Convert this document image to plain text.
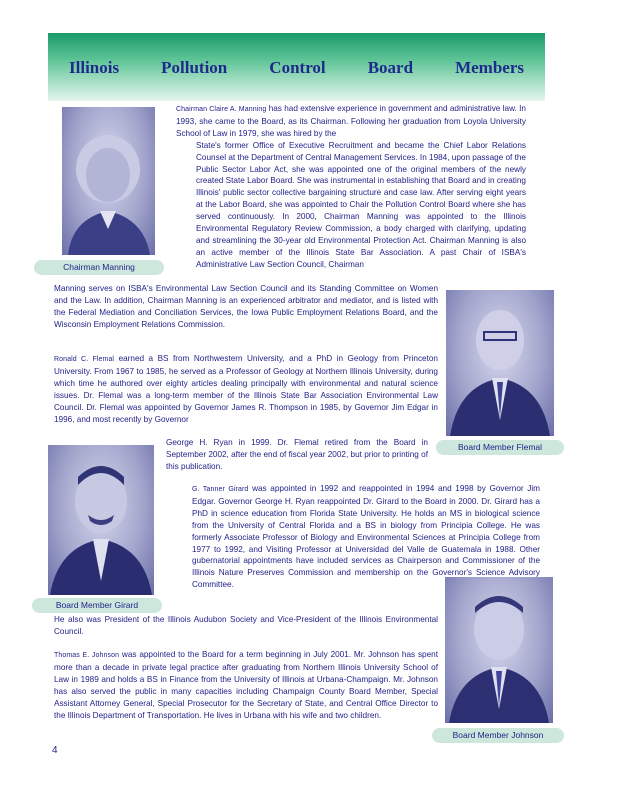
Illinois Pollution Control Board Members
Chairman Manning

Chairman Claire A. Manning has had extensive experience in government and administrative law. In 1993, she came to the Board, as its Chairman. Following her graduation from Loyola University School of Law in 1979, she was hired by the

State's former Office of Executive Recruitment and became the Chief Labor Relations Counsel at the Department of Central Management Services. In 1984, upon passage of the Public Sector Labor Act, she was appointed one of the original members of the newly created State Labor Board. She was instrumental in establishing that Board and in creating Illinois' public sector collective bargaining structure and case law. After serving eight years at the Labor Board, she was appointed to Chair the Pollution Control Board where she has served continuously. In 2000, Chairman Manning was appointed to the Illinois Environmental Regulatory Review Commission, a body charged with clarifying, updating and streamlining the 30-year old Environmental Protection Act. Chairman Manning is also an active member of the Illinois State Bar Association. A past Chair of ISBA's Administrative Law Section Council, Chairman

Manning serves on ISBA's Environmental Law Section Council and its Standing Committee on Women and the Law. In addition, Chairman Manning is an experienced arbitrator and mediator, and is listed with the Federal Mediation and Conciliation Services, the Iowa Public Employment Relations Board, and the Wisconsin Employment Relations Commission.
Board Member Flemal

Ronald C. Flemal earned a BS from Northwestern University, and a PhD in Geology from Princeton University. From 1967 to 1985, he served as a Professor of Geology at Northern Illinois University, during which time he authored over eighty articles dealing principally with environmental and natural science issues. Dr. Flemal was a long-term member of the Illinois State Bar Association Environmental Law Council. Dr. Flemal was appointed by Governor James R. Thompson in 1985, by Governor Jim Edgar in 1996, and most recently by Governor

George H. Ryan in 1999. Dr. Flemal retired from the Board in September 2002, after the end of fiscal year 2002, but prior to printing of this publication.
Board Member Girard

G. Tanner Girard was appointed in 1992 and reappointed in 1994 and 1998 by Governor Jim Edgar. Governor George H. Ryan reappointed Dr. Girard to the Board in 2000. Dr. Girard has a PhD in science education from Florida State University. He holds an MS in biological science from the University of Central Florida and a BS in biology from Principia College. He was formerly Associate Professor of Biology and Environmental Sciences at Principia College from 1977 to 1992, and Visiting Professor at Universidad del Valle de Guatemala in 1988. Other gubernatorial appointments have included services as Chairperson and Commissioner of the Illinois Nature Preserves Commission and membership on the Governor's Science Advisory Committee.

He also was President of the Illinois Audubon Society and Vice-President of the Illinois Environmental Council.
Board Member Johnson

Thomas E. Johnson was appointed to the Board for a term beginning in July 2001. Mr. Johnson has spent more than a decade in private legal practice after graduating from Northern Illinois University School of Law in 1989 and holds a BS in Finance from the University of Illinois at Urbana-Champaign. Mr. Johnson has also served the public in many capacities including Champaign County Board Member, Special Assistant Attorney General, Special Prosecutor for the Secretary of State, and Central Office Director to the Illinois Department of Transportation. He lives in Urbana with his wife and two children.

4
